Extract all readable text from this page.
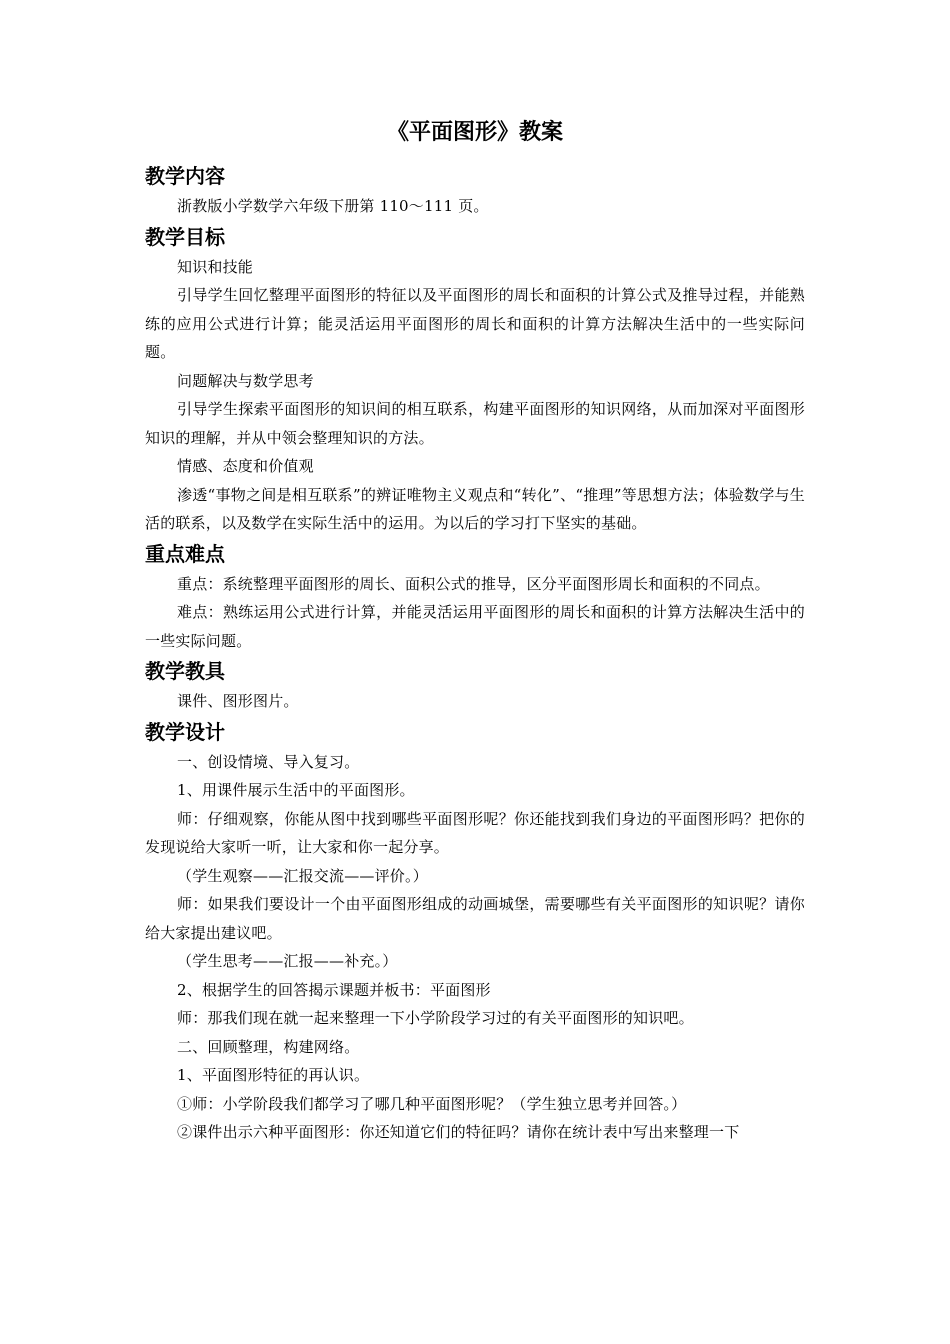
《平面图形》教案
教学内容
浙教版小学数学六年级下册第 110～111 页。
教学目标
知识和技能
引导学生回忆整理平面图形的特征以及平面图形的周长和面积的计算公式及推导过程，并能熟练的应用公式进行计算；能灵活运用平面图形的周长和面积的计算方法解决生活中的一些实际问题。
问题解决与数学思考
引导学生探索平面图形的知识间的相互联系，构建平面图形的知识网络，从而加深对平面图形知识的理解，并从中领会整理知识的方法。
情感、态度和价值观
渗透“事物之间是相互联系”的辨证唯物主义观点和“转化”、“推理”等思想方法；体验数学与生活的联系，以及数学在实际生活中的运用。为以后的学习打下坚实的基础。
重点难点
重点：系统整理平面图形的周长、面积公式的推导，区分平面图形周长和面积的不同点。
难点：熟练运用公式进行计算，并能灵活运用平面图形的周长和面积的计算方法解决生活中的一些实际问题。
教学教具
课件、图形图片。
教学设计
一、创设情境、导入复习。
1、用课件展示生活中的平面图形。
师：仔细观察，你能从图中找到哪些平面图形呢？你还能找到我们身边的平面图形吗？把你的发现说给大家听一听，让大家和你一起分享。
（学生观察——汇报交流——评价。）
师：如果我们要设计一个由平面图形组成的动画城堡，需要哪些有关平面图形的知识呢？请你给大家提出建议吧。
（学生思考——汇报——补充。）
2、根据学生的回答揭示课题并板书：平面图形
师：那我们现在就一起来整理一下小学阶段学习过的有关平面图形的知识吧。
二、回顾整理，构建网络。
1、平面图形特征的再认识。
①师：小学阶段我们都学习了哪几种平面图形呢？（学生独立思考并回答。）
②课件出示六种平面图形：你还知道它们的特征吗？请你在统计表中写出来整理一下
